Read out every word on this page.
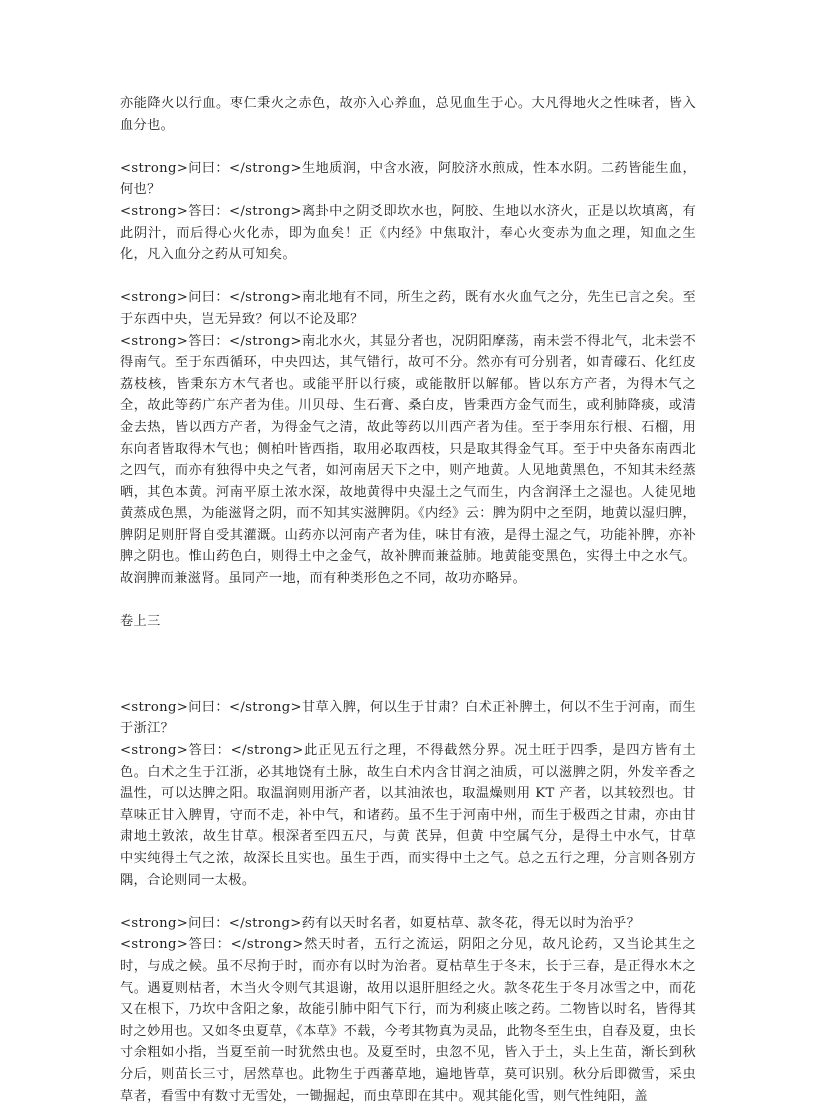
亦能降火以行血。枣仁秉火之赤色，故亦入心养血，总见血生于心。大凡得地火之性味者，皆入血分也。

<strong>问曰：</strong>生地质润，中含水液，阿胶济水煎成，性本水阴。二药皆能生血，何也？

<strong>答曰：</strong>离卦中之阴爻即坎水也，阿胶、生地以水济火，正是以坎填离，有此阴汁，而后得心火化赤，即为血矣！正《内经》中焦取汁，奉心火变赤为血之理，知血之生化，凡入血分之药从可知矣。

<strong>问曰：</strong>南北地有不同，所生之药，既有水火血气之分，先生已言之矣。至于东西中央，岂无异致？何以不论及耶？

<strong>答曰：</strong>南北水火，其显分者也，况阴阳摩荡，南未尝不得北气，北未尝不得南气。至于东西循环，中央四达，其气错行，故可不分。然亦有可分别者，如青礞石、化红皮荔枝核，皆秉东方木气者也。或能平肝以行痰，或能散肝以解郁。皆以东方产者，为得木气之全，故此等药广东产者为佳。川贝母、生石膏、桑白皮，皆秉西方金气而生，或利肺降痰，或清金去热，皆以西方产者，为得金气之清，故此等药以川西产者为佳。至于李用东行根、石榴，用东向者皆取得木气也；侧柏叶皆西指，取用必取西枝，只是取其得金气耳。至于中央备东南西北之四气，而亦有独得中央之气者，如河南居天下之中，则产地黄。人见地黄黑色，不知其未经蒸晒，其色本黄。河南平原土浓水深，故地黄得中央湿土之气而生，内含润泽土之湿也。人徒见地黄蒸成色黑，为能滋肾之阴，而不知其实滋脾阴。《内经》云：脾为阴中之至阴，地黄以湿归脾，脾阴足则肝肾自受其灌溉。山药亦以河南产者为佳，味甘有液，是得土湿之气，功能补脾，亦补脾之阴也。惟山药色白，则得土中之金气，故补脾而兼益肺。地黄能变黑色，实得土中之水气。故润脾而兼滋肾。虽同产一地，而有种类形色之不同，故功亦略异。

卷上三

<strong>问曰：</strong>甘草入脾，何以生于甘肃？白术正补脾土，何以不生于河南，而生于浙江？

<strong>答曰：</strong>此正见五行之理，不得截然分界。况土旺于四季，是四方皆有土色。白术之生于江浙，必其地饶有土脉，故生白术内含甘润之油质，可以滋脾之阴，外发辛香之温性，可以达脾之阳。取温润则用浙产者，以其油浓也，取温燥则用 KT 产者，以其较烈也。甘草味正甘入脾胃，守而不走，补中气，和诸药。虽不生于河南中州，而生于极西之甘肃，亦由甘肃地土敦浓，故生甘草。根深者至四五尺，与黄 芪异，但黄 中空属气分，是得土中水气，甘草中实纯得土气之浓，故深长且实也。虽生于西，而实得中土之气。总之五行之理，分言则各别方隅，合论则同一太极。

<strong>问曰：</strong>药有以天时名者，如夏枯草、款冬花，得无以时为治乎？

<strong>答曰：</strong>然天时者，五行之流运，阴阳之分见，故凡论药，又当论其生之时，与成之候。虽不尽拘于时，而亦有以时为治者。夏枯草生于冬末，长于三春，是正得水木之气。遇夏则枯者，木当火令则气其退谢，故用以退肝胆经之火。款冬花生于冬月冰雪之中，而花又在根下，乃坎中含阳之象，故能引肺中阳气下行，而为利痰止咳之药。二物皆以时名，皆得其时之妙用也。又如冬虫夏草，《本草》不载，今考其物真为灵品，此物冬至生虫，自春及夏，虫长寸余粗如小指，当夏至前一时犹然虫也。及夏至时，虫忽不见，皆入于土，头上生苗，渐长到秋分后，则苗长三寸，居然草也。此物生于西蕃草地，遍地皆草，莫可识别。秋分后即微雪，采虫草者，看雪中有数寸无雪处，一锄掘起，而虫草即在其中。观其能化雪，则气性纯阳，盖
